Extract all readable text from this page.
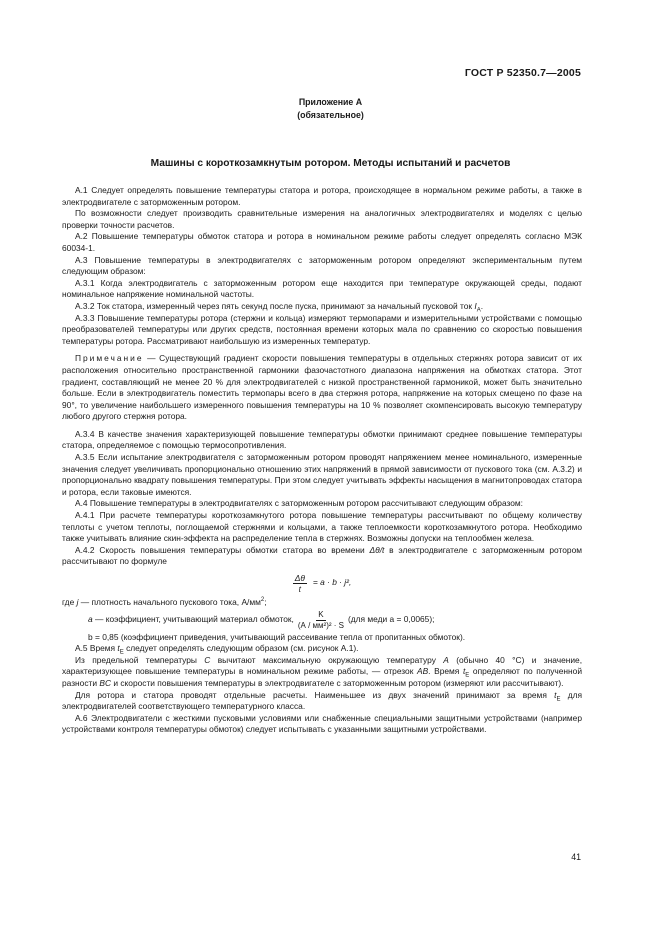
ГОСТ Р 52350.7—2005
Приложение А
(обязательное)
Машины с короткозамкнутым ротором. Методы испытаний и расчетов

А.1 Следует определять повышение температуры статора и ротора, происходящее в нормальном режиме работы, а также в электродвигателе с заторможенным ротором.

По возможности следует производить сравнительные измерения на аналогичных электродвигателях и моделях с целью проверки точности расчетов.

А.2 Повышение температуры обмоток статора и ротора в номинальном режиме работы следует определять согласно МЭК 60034-1.

А.3 Повышение температуры в электродвигателях с заторможенным ротором определяют экспериментальным путем следующим образом:

А.3.1 Когда электродвигатель с заторможенным ротором еще находится при температуре окружающей среды, подают номинальное напряжение номинальной частоты.

А.3.2 Ток статора, измеренный через пять секунд после пуска, принимают за начальный пусковой ток $I_A$.

А.3.3 Повышение температуры ротора (стержни и кольца) измеряют термопарами и измерительными устройствами с помощью преобразователей температуры или других средств, постоянная времени которых мала по сравнению со скоростью повышения температуры ротора. Рассматривают наибольшую из измеренных температур.

Примечание — Существующий градиент скорости повышения температуры в отдельных стержнях ротора зависит от их расположения относительно пространственной гармоники фазочастотного диапазона напряжения на обмотках статора. Этот градиент, составляющий не менее 20 % для электродвигателей с низкой пространственной гармоникой, может быть значительно больше. Если в электродвигатель поместить термопары всего в два стержня ротора, напряжение на которых смещено по фазе на 90°, то увеличение наибольшего измеренного повышения температуры на 10 % позволяет скомпенсировать высокую температуру любого другого стержня ротора.

А.3.4 В качестве значения характеризующей повышение температуры обмотки принимают среднее повышение температуры статора, определяемое с помощью термосопротивления.

А.3.5 Если испытание электродвигателя с заторможенным ротором проводят напряжением менее номинального, измеренные значения следует увеличивать пропорционально отношению этих напряжений в прямой зависимости от пускового тока (см. А.3.2) и пропорционально квадрату повышения температуры. При этом следует учитывать эффекты насыщения в магнитопроводах статора и ротора, если таковые имеются.

А.4 Повышение температуры в электродвигателях с заторможенным ротором рассчитывают следующим образом:

А.4.1 При расчете температуры короткозамкнутого ротора повышение температуры рассчитывают по общему количеству теплоты с учетом теплоты, поглощаемой стержнями и кольцами, а также теплоемкости короткозамкнутого ротора. Необходимо также учитывать влияние скин-эффекта на распределение тепла в стержнях. Возможны допуски на теплообмен железа.

А.4.2 Скорость повышения температуры обмотки статора во времени Δθ/t в электродвигателе с заторможенным ротором рассчитывают по формуле

$\frac{\Delta\theta}{t} = a \cdot b \cdot j^2$,

где j — плотность начального пускового тока, $А/мм^2$;

a
— коэффициент, учитывающий материал обмоток, $\frac{K}{\text{(А / мм²)² · S}} (для$ меди a = 0,0065);

b = 0,85 (коэффициент приведения, учитывающий рассеивание тепла от пропитанных обмоток).

А.5 Время $t_E$ следует определять следующим образом (см. рисунок А.1).

Из предельной температуры C вычитают максимальную окружающую температуру A (обычно 40 °С) и значение, характеризующее повышение температуры в номинальном режиме работы, — отрезок AB. Время $t_E$ определяют по полученной разности BC и скорости повышения температуры в электродвигателе с заторможенным ротором (измеряют или рассчитывают).

Для ротора и статора проводят отдельные расчеты. Наименьшее из двух значений принимают за время $t_E$ для электродвигателей соответствующего температурного класса.

А.6 Электродвигатели с жесткими пусковыми условиями или снабженные специальными защитными устройствами (например устройствами контроля температуры обмоток) следует испытывать с указанными защитными устройствами.

41
